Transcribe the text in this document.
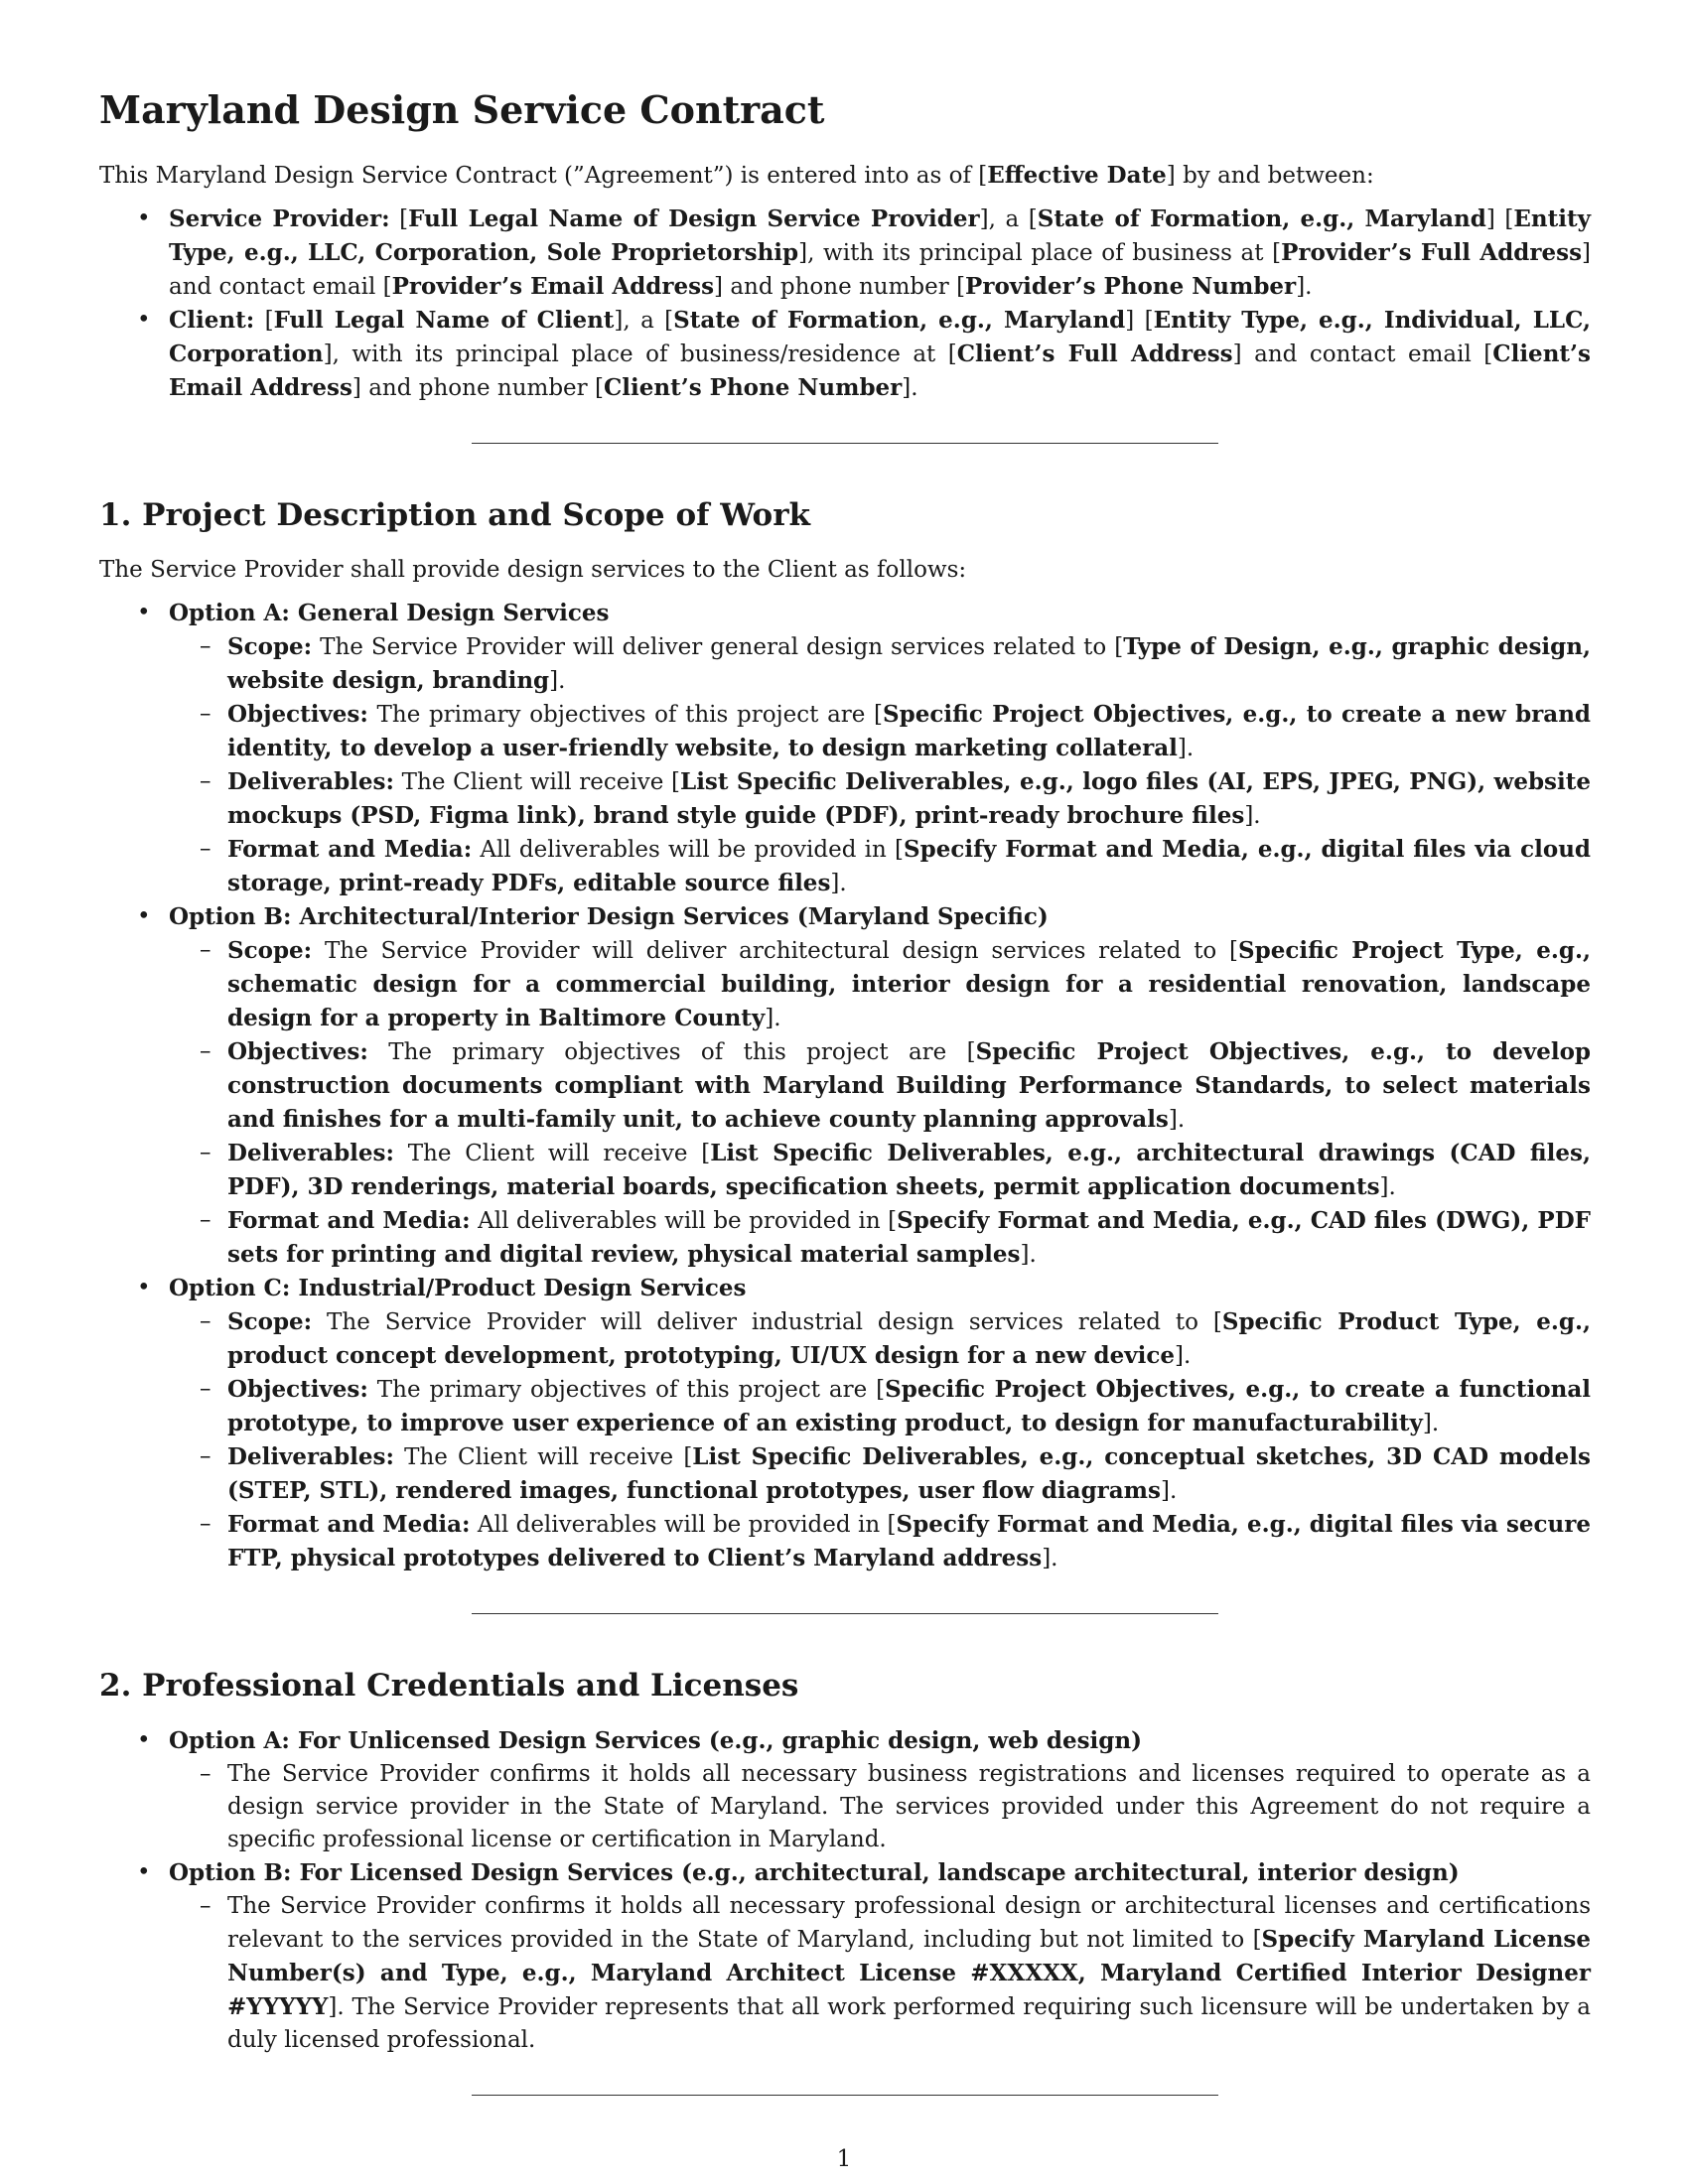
Maryland Design Service Contract

This Maryland Design Service Contract (”Agreement”) is entered into as of [Effective Date] by and between:

• Service Provider: [Full Legal Name of Design Service Provider], a [State of Formation, e.g., Maryland] [Entity Type, e.g., LLC, Corporation, Sole Proprietorship], with its principal place of business at [Provider’s Full Address] and contact email [Provider’s Email Address] and phone number [Provider’s Phone Number].
• Client: [Full Legal Name of Client], a [State of Formation, e.g., Maryland] [Entity Type, e.g., Individual, LLC, Corporation], with its principal place of business/residence at [Client’s Full Address] and contact email [Client’s Email Address] and phone number [Client’s Phone Number].
1. Project Description and Scope of Work

The Service Provider shall provide design services to the Client as follows:

• Option A: General Design Services
– Scope: The Service Provider will deliver general design services related to [Type of Design, e.g., graphic design, website design, branding].
– Objectives: The primary objectives of this project are [Specific Project Objectives, e.g., to create a new brand identity, to develop a user-friendly website, to design marketing collateral].
– Deliverables: The Client will receive [List Specific Deliverables, e.g., logo files (AI, EPS, JPEG, PNG), website mockups (PSD, Figma link), brand style guide (PDF), print-ready brochure files].
– Format and Media: All deliverables will be provided in [Specify Format and Media, e.g., digital files via cloud storage, print-ready PDFs, editable source files].
• Option B: Architectural/Interior Design Services (Maryland Specific)
– Scope: The Service Provider will deliver architectural design services related to [Specific Project Type, e.g., schematic design for a commercial building, interior design for a residential renovation, landscape design for a property in Baltimore County].
– Objectives: The primary objectives of this project are [Specific Project Objectives, e.g., to develop construction documents compliant with Maryland Building Performance Standards, to select materials and finishes for a multi-family unit, to achieve county planning approvals].
– Deliverables: The Client will receive [List Specific Deliverables, e.g., architectural drawings (CAD files, PDF), 3D renderings, material boards, specification sheets, permit application documents].
– Format and Media: All deliverables will be provided in [Specify Format and Media, e.g., CAD files (DWG), PDF sets for printing and digital review, physical material samples].
• Option C: Industrial/Product Design Services
– Scope: The Service Provider will deliver industrial design services related to [Specific Product Type, e.g., product concept development, prototyping, UI/UX design for a new device].
– Objectives: The primary objectives of this project are [Specific Project Objectives, e.g., to create a functional prototype, to improve user experience of an existing product, to design for manufacturability].
– Deliverables: The Client will receive [List Specific Deliverables, e.g., conceptual sketches, 3D CAD models (STEP, STL), rendered images, functional prototypes, user flow diagrams].
– Format and Media: All deliverables will be provided in [Specify Format and Media, e.g., digital files via secure FTP, physical prototypes delivered to Client’s Maryland address].
2. Professional Credentials and Licenses
• Option A: For Unlicensed Design Services (e.g., graphic design, web design)
– The Service Provider confirms it holds all necessary business registrations and licenses required to operate as a design service provider in the State of Maryland. The services provided under this Agreement do not require a specific professional license or certification in Maryland.
• Option B: For Licensed Design Services (e.g., architectural, landscape architectural, interior design)
– The Service Provider confirms it holds all necessary professional design or architectural licenses and certifications relevant to the services provided in the State of Maryland, including but not limited to [Specify Maryland License Number(s) and Type, e.g., Maryland Architect License #XXXXX, Maryland Certified Interior Designer #YYYYY]. The Service Provider represents that all work performed requiring such licensure will be undertaken by a duly licensed professional.
1
